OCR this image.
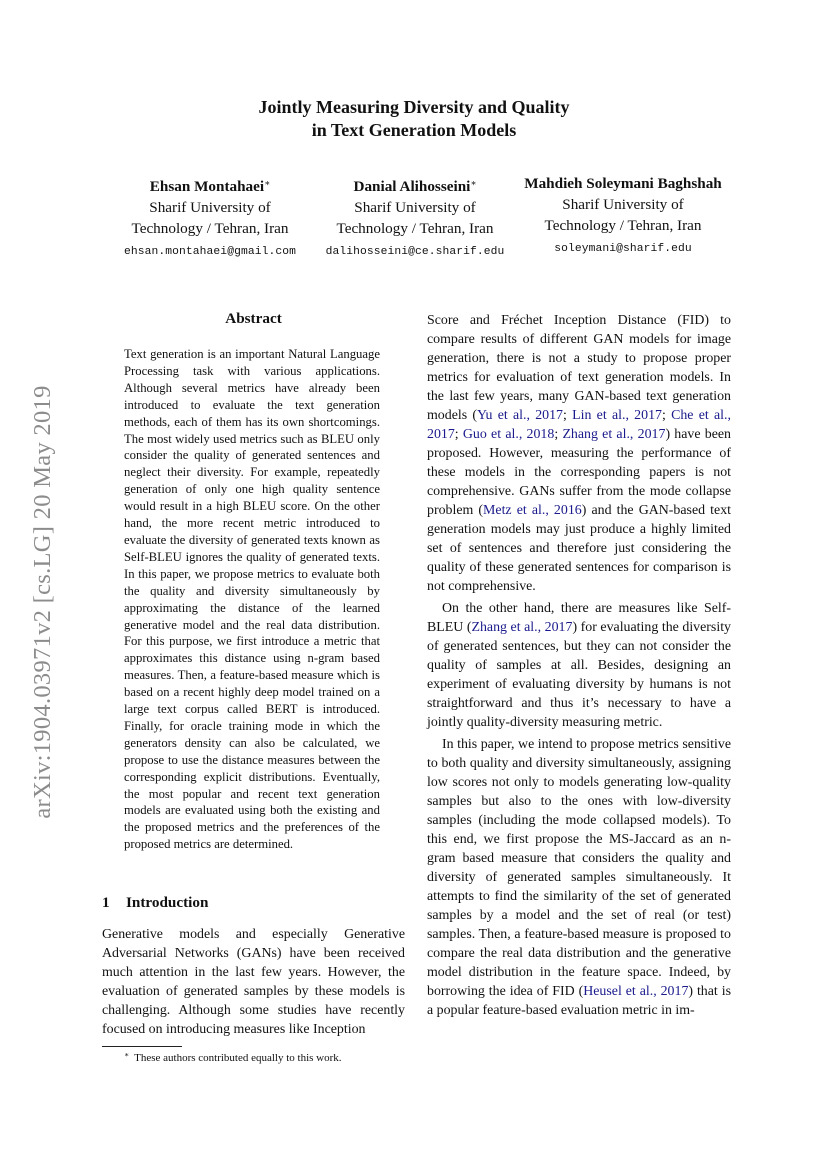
arXiv:1904.03971v2 [cs.LG] 20 May 2019
Jointly Measuring Diversity and Quality
in Text Generation Models
Ehsan Montahaei∗
Sharif University of
Technology / Tehran, Iran
ehsan.montahaei@gmail.com
Danial Alihosseini∗
Sharif University of
Technology / Tehran, Iran
dalihosseini@ce.sharif.edu
Mahdieh Soleymani Baghshah
Sharif University of
Technology / Tehran, Iran
soleymani@sharif.edu
Abstract
Text generation is an important Natural Language Processing task with various applications. Although several metrics have already been introduced to evaluate the text generation methods, each of them has its own shortcomings. The most widely used metrics such as BLEU only consider the quality of generated sentences and neglect their diversity. For example, repeatedly generation of only one high quality sentence would result in a high BLEU score. On the other hand, the more recent metric introduced to evaluate the diversity of generated texts known as Self-BLEU ignores the quality of generated texts. In this paper, we propose metrics to evaluate both the quality and diversity simultaneously by approximating the distance of the learned generative model and the real data distribution. For this purpose, we first introduce a metric that approximates this distance using n-gram based measures. Then, a feature-based measure which is based on a recent highly deep model trained on a large text corpus called BERT is introduced. Finally, for oracle training mode in which the generators density can also be calculated, we propose to use the distance measures between the corresponding explicit distributions. Eventually, the most popular and recent text generation models are evaluated using both the existing and the proposed metrics and the preferences of the proposed metrics are determined.
1 Introduction
Generative models and especially Generative Adversarial Networks (GANs) have been received much attention in the last few years. However, the evaluation of generated samples by these models is challenging. Although some studies have recently focused on introducing measures like Inception
∗ These authors contributed equally to this work.

Score and Fréchet Inception Distance (FID) to compare results of different GAN models for image generation, there is not a study to propose proper metrics for evaluation of text generation models. In the last few years, many GAN-based text generation models (Yu et al., 2017; Lin et al., 2017; Che et al., 2017; Guo et al., 2018; Zhang et al., 2017) have been proposed. However, measuring the performance of these models in the corresponding papers is not comprehensive. GANs suffer from the mode collapse problem (Metz et al., 2016) and the GAN-based text generation models may just produce a highly limited set of sentences and therefore just considering the quality of these generated sentences for comparison is not comprehensive.

On the other hand, there are measures like Self-BLEU (Zhang et al., 2017) for evaluating the diversity of generated sentences, but they can not consider the quality of samples at all. Besides, designing an experiment of evaluating diversity by humans is not straightforward and thus it’s necessary to have a jointly quality-diversity measuring metric.

In this paper, we intend to propose metrics sensitive to both quality and diversity simultaneously, assigning low scores not only to models generating low-quality samples but also to the ones with low-diversity samples (including the mode collapsed models). To this end, we first propose the MS-Jaccard as an n-gram based measure that considers the quality and diversity of generated samples simultaneously. It attempts to find the similarity of the set of generated samples by a model and the set of real (or test) samples. Then, a feature-based measure is proposed to compare the real data distribution and the generative model distribution in the feature space. Indeed, by borrowing the idea of FID (Heusel et al., 2017) that is a popular feature-based evaluation metric in im-
